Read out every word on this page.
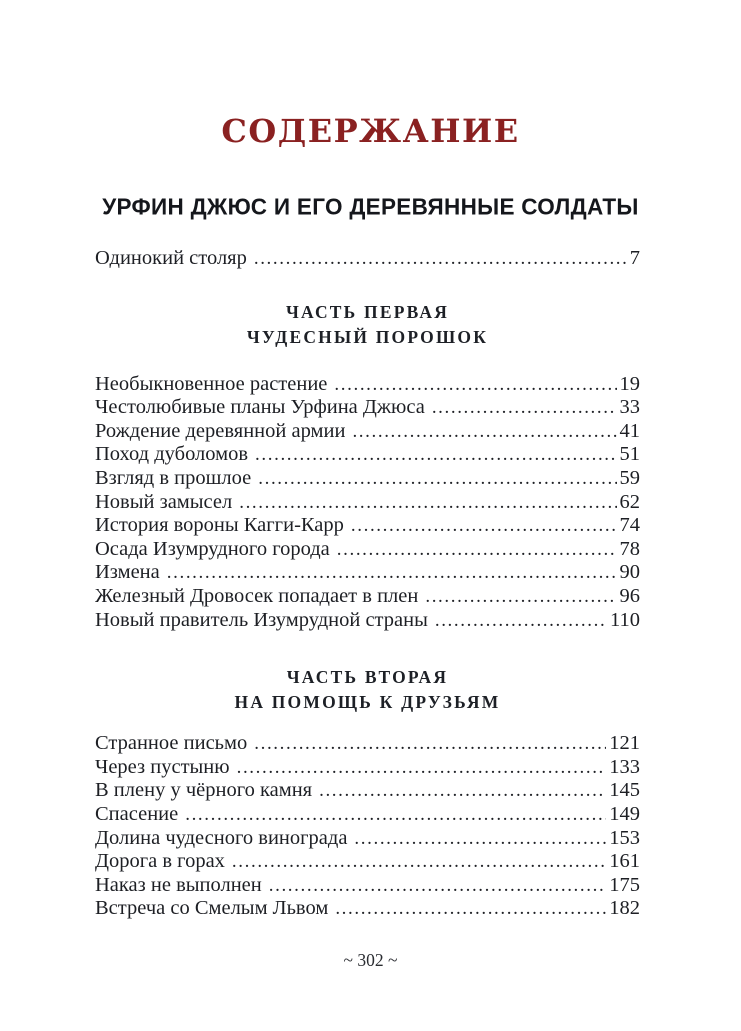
СОДЕРЖАНИЕ
УРФИН ДЖЮС И ЕГО ДЕРЕВЯННЫЕ СОЛДАТЫ
Одинокий столяр .....	7
ЧАСТЬ ПЕРВАЯ
ЧУДЕСНЫЙ ПОРОШОК
Необыкновенное растение .....	19
Честолюбивые планы Урфина Джюса .....	33
Рождение деревянной армии .....	41
Поход дуболомов .....	51
Взгляд в прошлое .....	59
Новый замысел .....	62
История вороны Кагги-Карр .....	74
Осада Изумрудного города .....	78
Измена .....	90
Железный Дровосек попадает в плен .....	96
Новый правитель Изумрудной страны .....	110
ЧАСТЬ ВТОРАЯ
НА ПОМОЩЬ К ДРУЗЬЯМ
Странное письмо .....	121
Через пустыню .....	133
В плену у чёрного камня .....	145
Спасение .....	149
Долина чудесного винограда .....	153
Дорога в горах .....	161
Наказ не выполнен .....	175
Встреча со Смелым Львом .....	182
~ 302 ~
